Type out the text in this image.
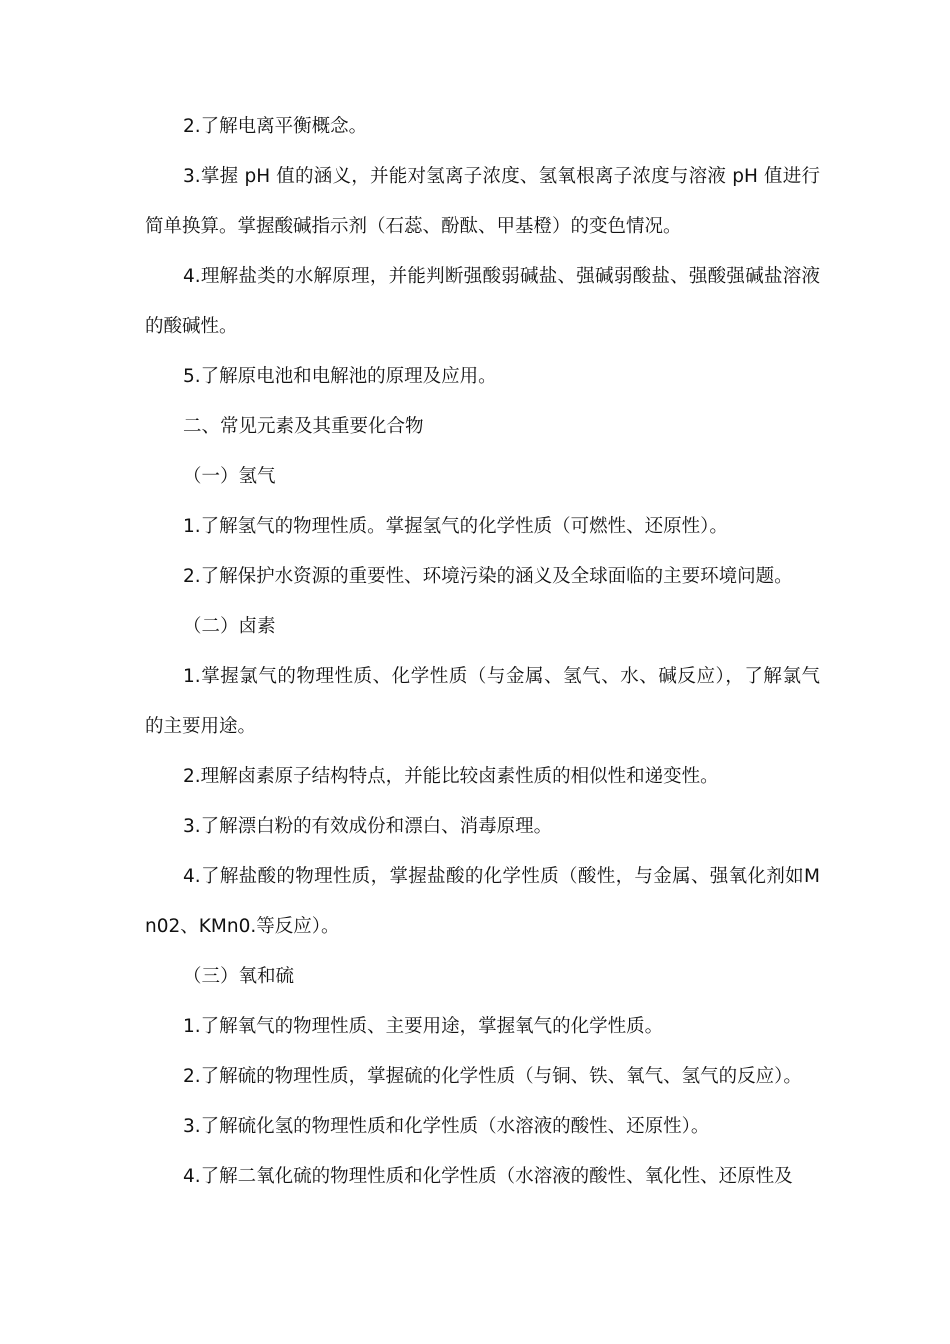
2.了解电离平衡概念。

3.掌握 pH 值的涵义，并能对氢离子浓度、氢氧根离子浓度与溶液 pH 值进行简单换算。掌握酸碱指示剂（石蕊、酚酞、甲基橙）的变色情况。

4.理解盐类的水解原理，并能判断强酸弱碱盐、强碱弱酸盐、强酸强碱盐溶液的酸碱性。

5.了解原电池和电解池的原理及应用。

二、常见元素及其重要化合物

（一）氢气

1.了解氢气的物理性质。掌握氢气的化学性质（可燃性、还原性）。

2.了解保护水资源的重要性、环境污染的涵义及全球面临的主要环境问题。

（二）卤素

1.掌握氯气的物理性质、化学性质（与金属、氢气、水、碱反应），了解氯气的主要用途。

2.理解卤素原子结构特点，并能比较卤素性质的相似性和递变性。

3.了解漂白粉的有效成份和漂白、消毒原理。

4.了解盐酸的物理性质，掌握盐酸的化学性质（酸性，与金属、强氧化剂如Mn02、KMn0.等反应）。

（三）氧和硫

1.了解氧气的物理性质、主要用途，掌握氧气的化学性质。

2.了解硫的物理性质，掌握硫的化学性质（与铜、铁、氧气、氢气的反应）。

3.了解硫化氢的物理性质和化学性质（水溶液的酸性、还原性）。

4.了解二氧化硫的物理性质和化学性质（水溶液的酸性、氧化性、还原性及
